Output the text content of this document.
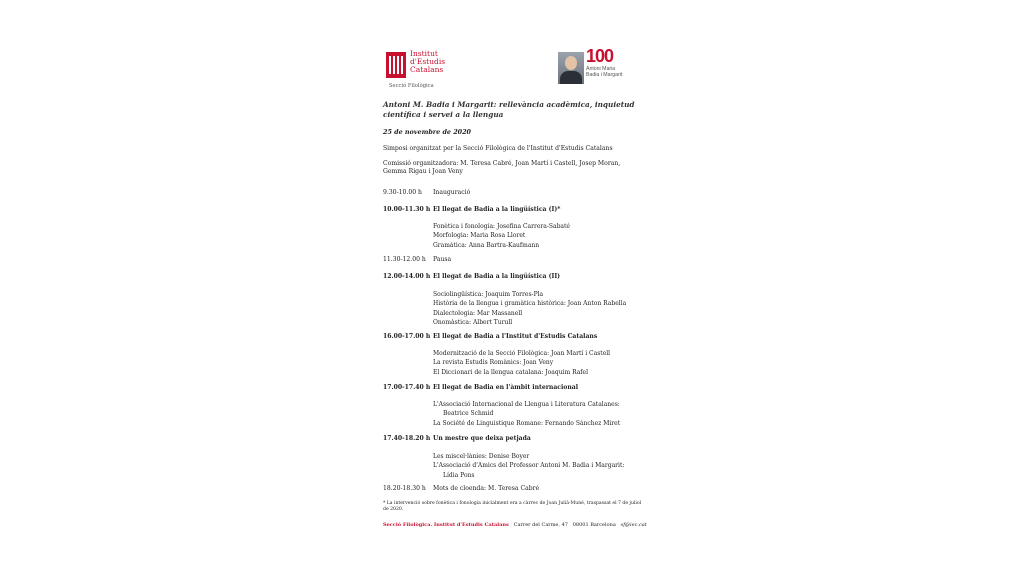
Institut
d'Estudis
Catalans
Secció Filològica
100
Antoni Maria
Badia i Margarit
Antoni M. Badia i Margarit: rellevància acadèmica, inquietud científica i servei a la llengua
25 de novembre de 2020
Simposi organitzat per la Secció Filològica de l'Institut d'Estudis Catalans
Comissió organitzadora: M. Teresa Cabré, Joan Martí i Castell, Josep Moran, Gemma Rigau i Joan Veny
9.30-10.00 h Inauguració
10.00-11.30 h El llegat de Badia a la lingüística (I)*
Fonètica i fonologia: Josefina Carrera-Sabaté
Morfologia: Maria Rosa Lloret
Gramàtica: Anna Bartra-Kaufmann
11.30-12.00 h Pausa
12.00-14.00 h El llegat de Badia a la lingüística (II)
Sociolingüística: Joaquim Torres-Pla
Història de la llengua i gramàtica històrica: Joan Anton Rabella
Dialectologia: Mar Massanell
Onomàstica: Albert Turull
16.00-17.00 h El llegat de Badia a l'Institut d'Estudis Catalans
Modernització de la Secció Filològica: Joan Martí i Castell
La revista Estudis Romànics: Joan Veny
El Diccionari de la llengua catalana: Joaquim Rafel
17.00-17.40 h El llegat de Badia en l'àmbit internacional
L'Associació Internacional de Llengua i Literatura Catalanes:
Beatrice Schmid
La Société de Linguistique Romane: Fernando Sánchez Miret
17.40-18.20 h Un mestre que deixa petjada
Les miscel·lànies: Denise Boyer
L'Associació d'Amics del Professor Antoni M. Badia i Margarit:
Lídia Pons
18.20-18.30 h Mots de cloenda: M. Teresa Cabré
* La intervenció sobre fonètica i fonologia inicialment era a càrrec de Joan Julià-Muné, traspassat el 7 de juliol de 2020.
Secció Filològica. Institut d'Estudis Catalans Carrer del Carme, 47 08001 Barcelona sf@iec.cat
